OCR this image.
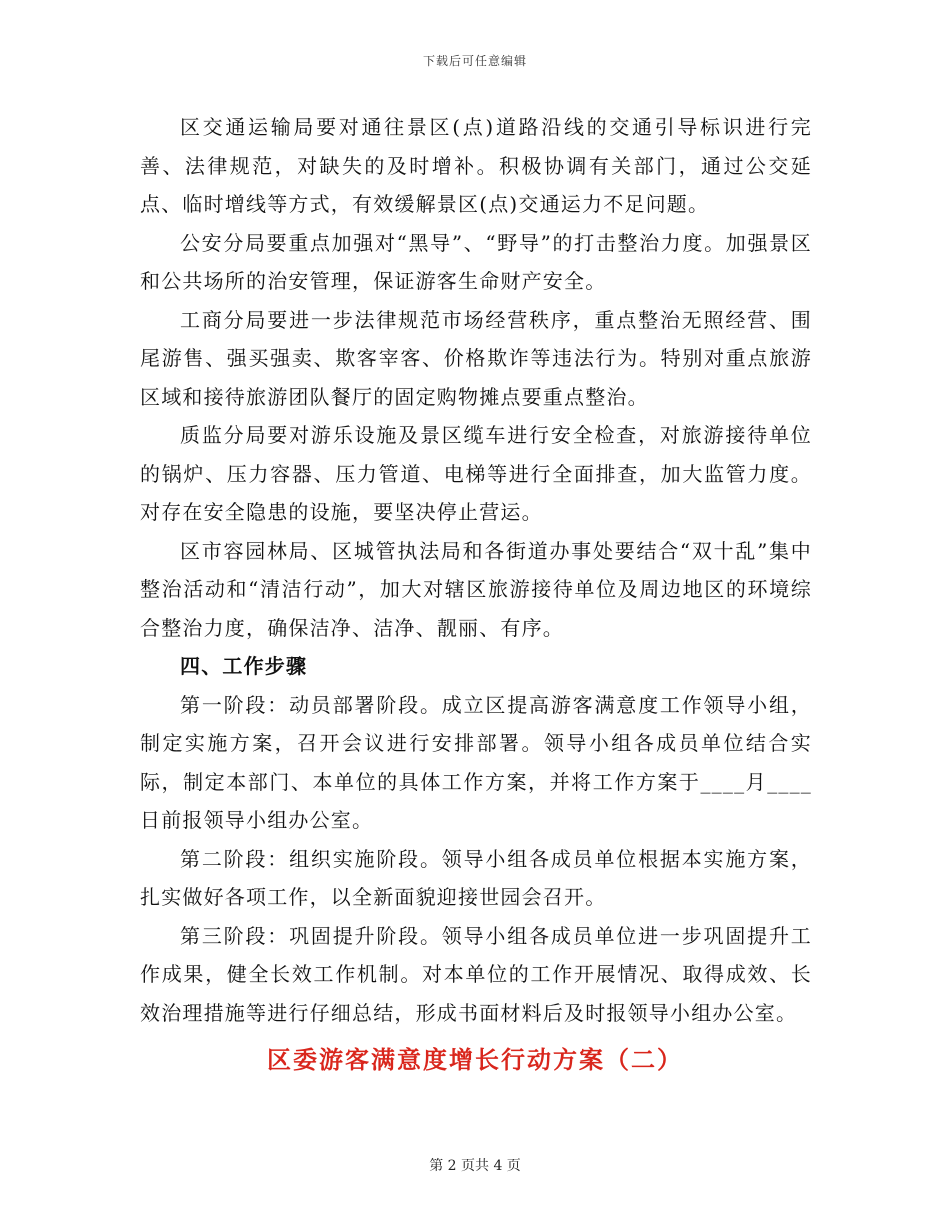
下载后可任意编辑

区交通运输局要对通往景区(点)道路沿线的交通引导标识进行完善、法律规范，对缺失的及时增补。积极协调有关部门，通过公交延点、临时增线等方式，有效缓解景区(点)交通运力不足问题。

公安分局要重点加强对“黑导”、“野导”的打击整治力度。加强景区和公共场所的治安管理，保证游客生命财产安全。

工商分局要进一步法律规范市场经营秩序，重点整治无照经营、围尾游售、强买强卖、欺客宰客、价格欺诈等违法行为。特别对重点旅游区域和接待旅游团队餐厅的固定购物摊点要重点整治。

质监分局要对游乐设施及景区缆车进行安全检查，对旅游接待单位的锅炉、压力容器、压力管道、电梯等进行全面排查，加大监管力度。对存在安全隐患的设施，要坚决停止营运。

区市容园林局、区城管执法局和各街道办事处要结合“双十乱”集中整治活动和“清洁行动”，加大对辖区旅游接待单位及周边地区的环境综合整治力度，确保洁净、洁净、靓丽、有序。

四、工作步骤

第一阶段：动员部署阶段。成立区提高游客满意度工作领导小组，制定实施方案，召开会议进行安排部署。领导小组各成员单位结合实际，制定本部门、本单位的具体工作方案，并将工作方案于____月____日前报领导小组办公室。

第二阶段：组织实施阶段。领导小组各成员单位根据本实施方案，扎实做好各项工作，以全新面貌迎接世园会召开。

第三阶段：巩固提升阶段。领导小组各成员单位进一步巩固提升工作成果，健全长效工作机制。对本单位的工作开展情况、取得成效、长效治理措施等进行仔细总结，形成书面材料后及时报领导小组办公室。

区委游客满意度增长行动方案（二）
第 2 页共 4 页
